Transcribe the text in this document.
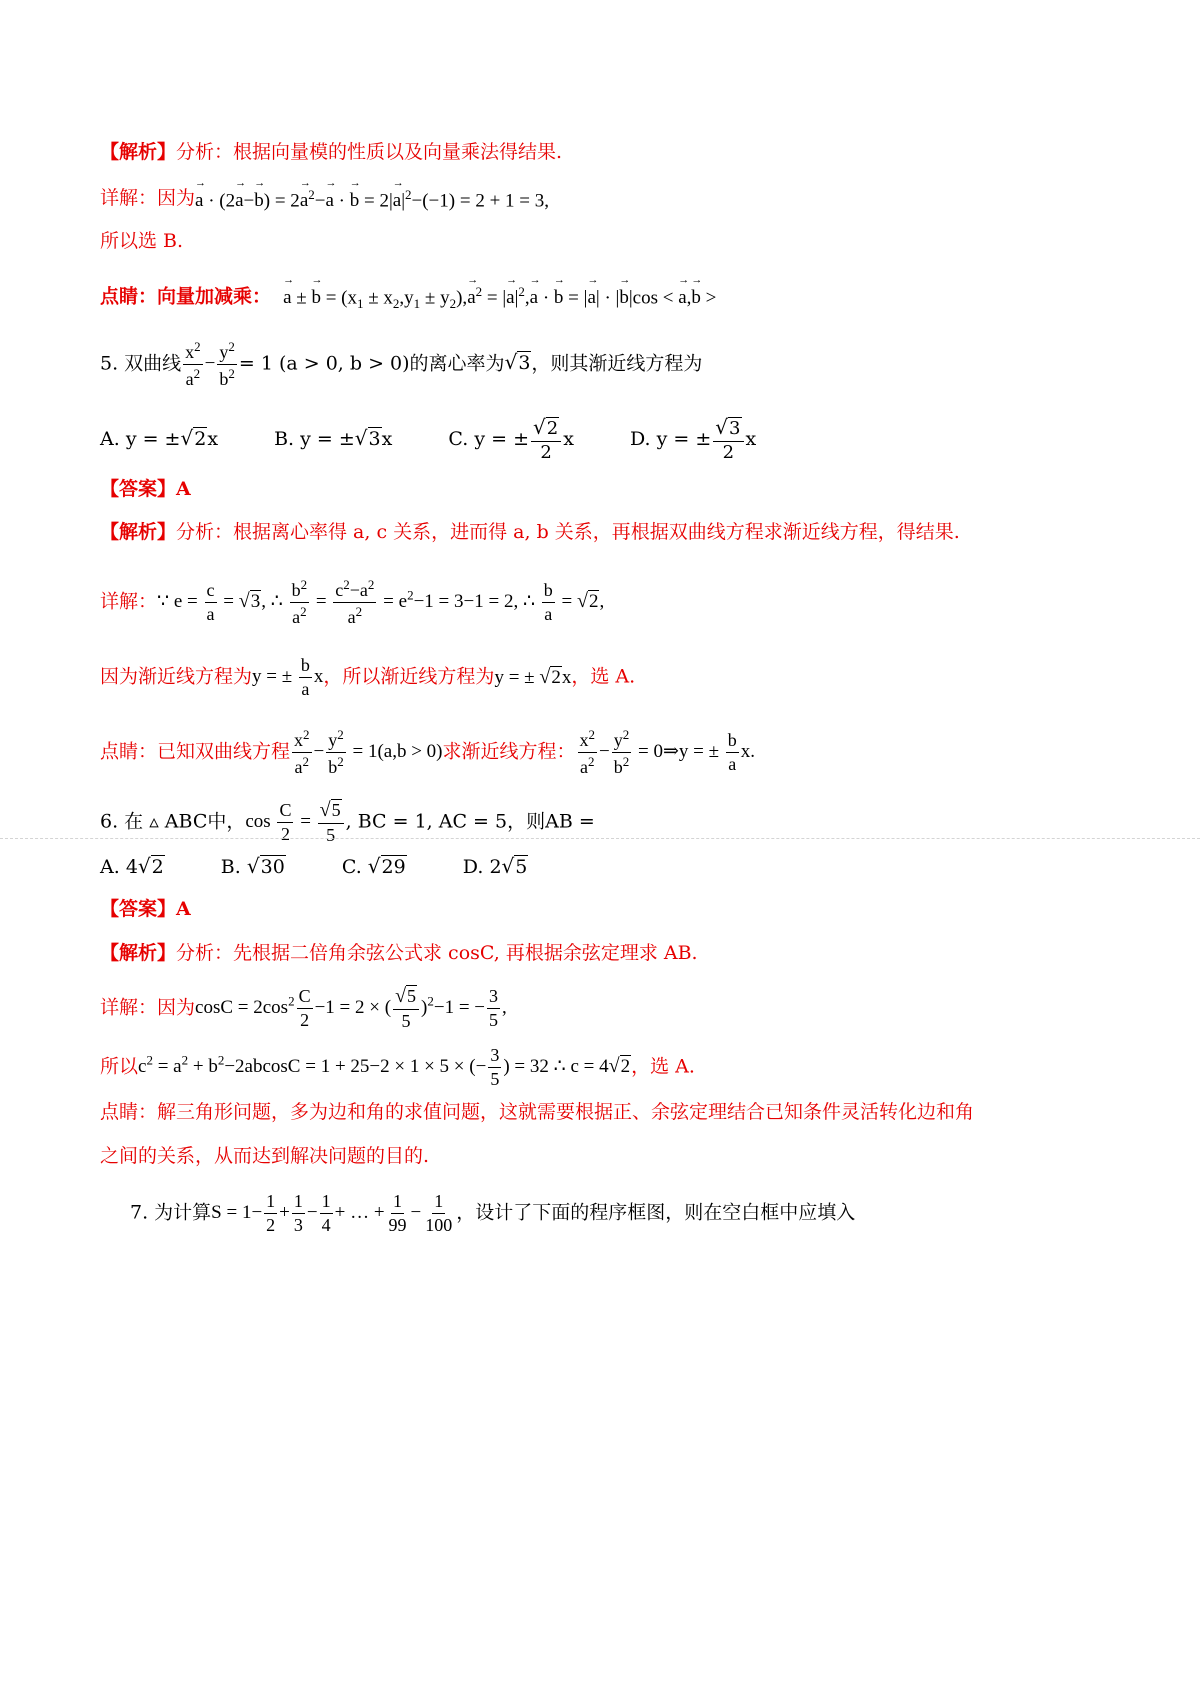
【解析】分析：根据向量模的性质以及向量乘法得结果.
详解：因为→ $a \cdot (2\to a-\to b) = 2\to a^2-\to a$ · → $b = 2|\to a|^2-(-1) = 2 + 1 = 3$,
所以选 B.
点睛：向量加减乘： → a ± → $b = (x_1 \pm x_2,y_1 \pm y_2),\to a^2$ = |→ $a|^2,\to a$ · → b = |→ a| · |→ b|cos < → a,→ b >
5. 双曲线 $\frac{x^2}{a^2} - \frac{y^2}{b^2} = 1$ (a > 0, b > 0)的离心率为√3，则其渐近线方程为
A. y = ±√2x	B. y = ±√3x	C. y = ± $\frac{√2}{2}$ x	D. y = ± $\frac{√3}{2}$ x
【答案】A
【解析】分析：根据离心率得 a, c 关系，进而得 a, b 关系，再根据双曲线方程求渐近线方程，得结果.
详解：∵ $e = \frac{c}{a} = √3$, ∴ $\frac{b^2}{a^2} = \frac{c^2-a^2}{a^2} = e^2-1 = 3-1 = 2$, ∴ $\frac{b}{a} = √2$,
因为渐近线方程为y = ± $\frac{b}{a}$ x，所以渐近线方程为y = ± √2x，选 A.
点睛：已知双曲线方程 $\frac{x^2}{a^2} - \frac{y^2}{b^2} = 1(a,b > 0)$求渐近线方程： $\frac{x^2}{a^2} - \frac{y^2}{b^2}$ = 0⇒y = ± $\frac{b}{a} x$.
6. 在 ▵ ABC中，$\cos \frac{C}{2} = \frac{√5}{5}$ , BC = 1, AC = 5，则AB =
A. 4√2	B. √30	C. √29	D. 2√5
【答案】A
【解析】分析：先根据二倍角余弦公式求 cosC, 再根据余弦定理求 AB.
详解：因为$\cos C = 2\cos^2 \frac{C}{2} -1 = 2$ × ( $\frac{√5}{5} )^2-1$ = − $\frac{3}{5}$ ,
所以$c^2 = a^2 + b^2-2abcosC = 1 + 25-2 \times 1 \times 5$ × (− $\frac{3}{5}$ ) = 32 ∴ c = 4√2，选 A.
点睛：解三角形问题，多为边和角的求值问题，这就需要根据正、余弦定理结合已知条件灵活转化边和角
之间的关系，从而达到解决问题的目的.
7. 为计算$S = 1- \frac{1}{2} + \frac{1}{3} - \frac{1}{4}$ + … + $\frac{1}{99} - \frac{1}{100}$ ，设计了下面的程序框图，则在空白框中应填入
